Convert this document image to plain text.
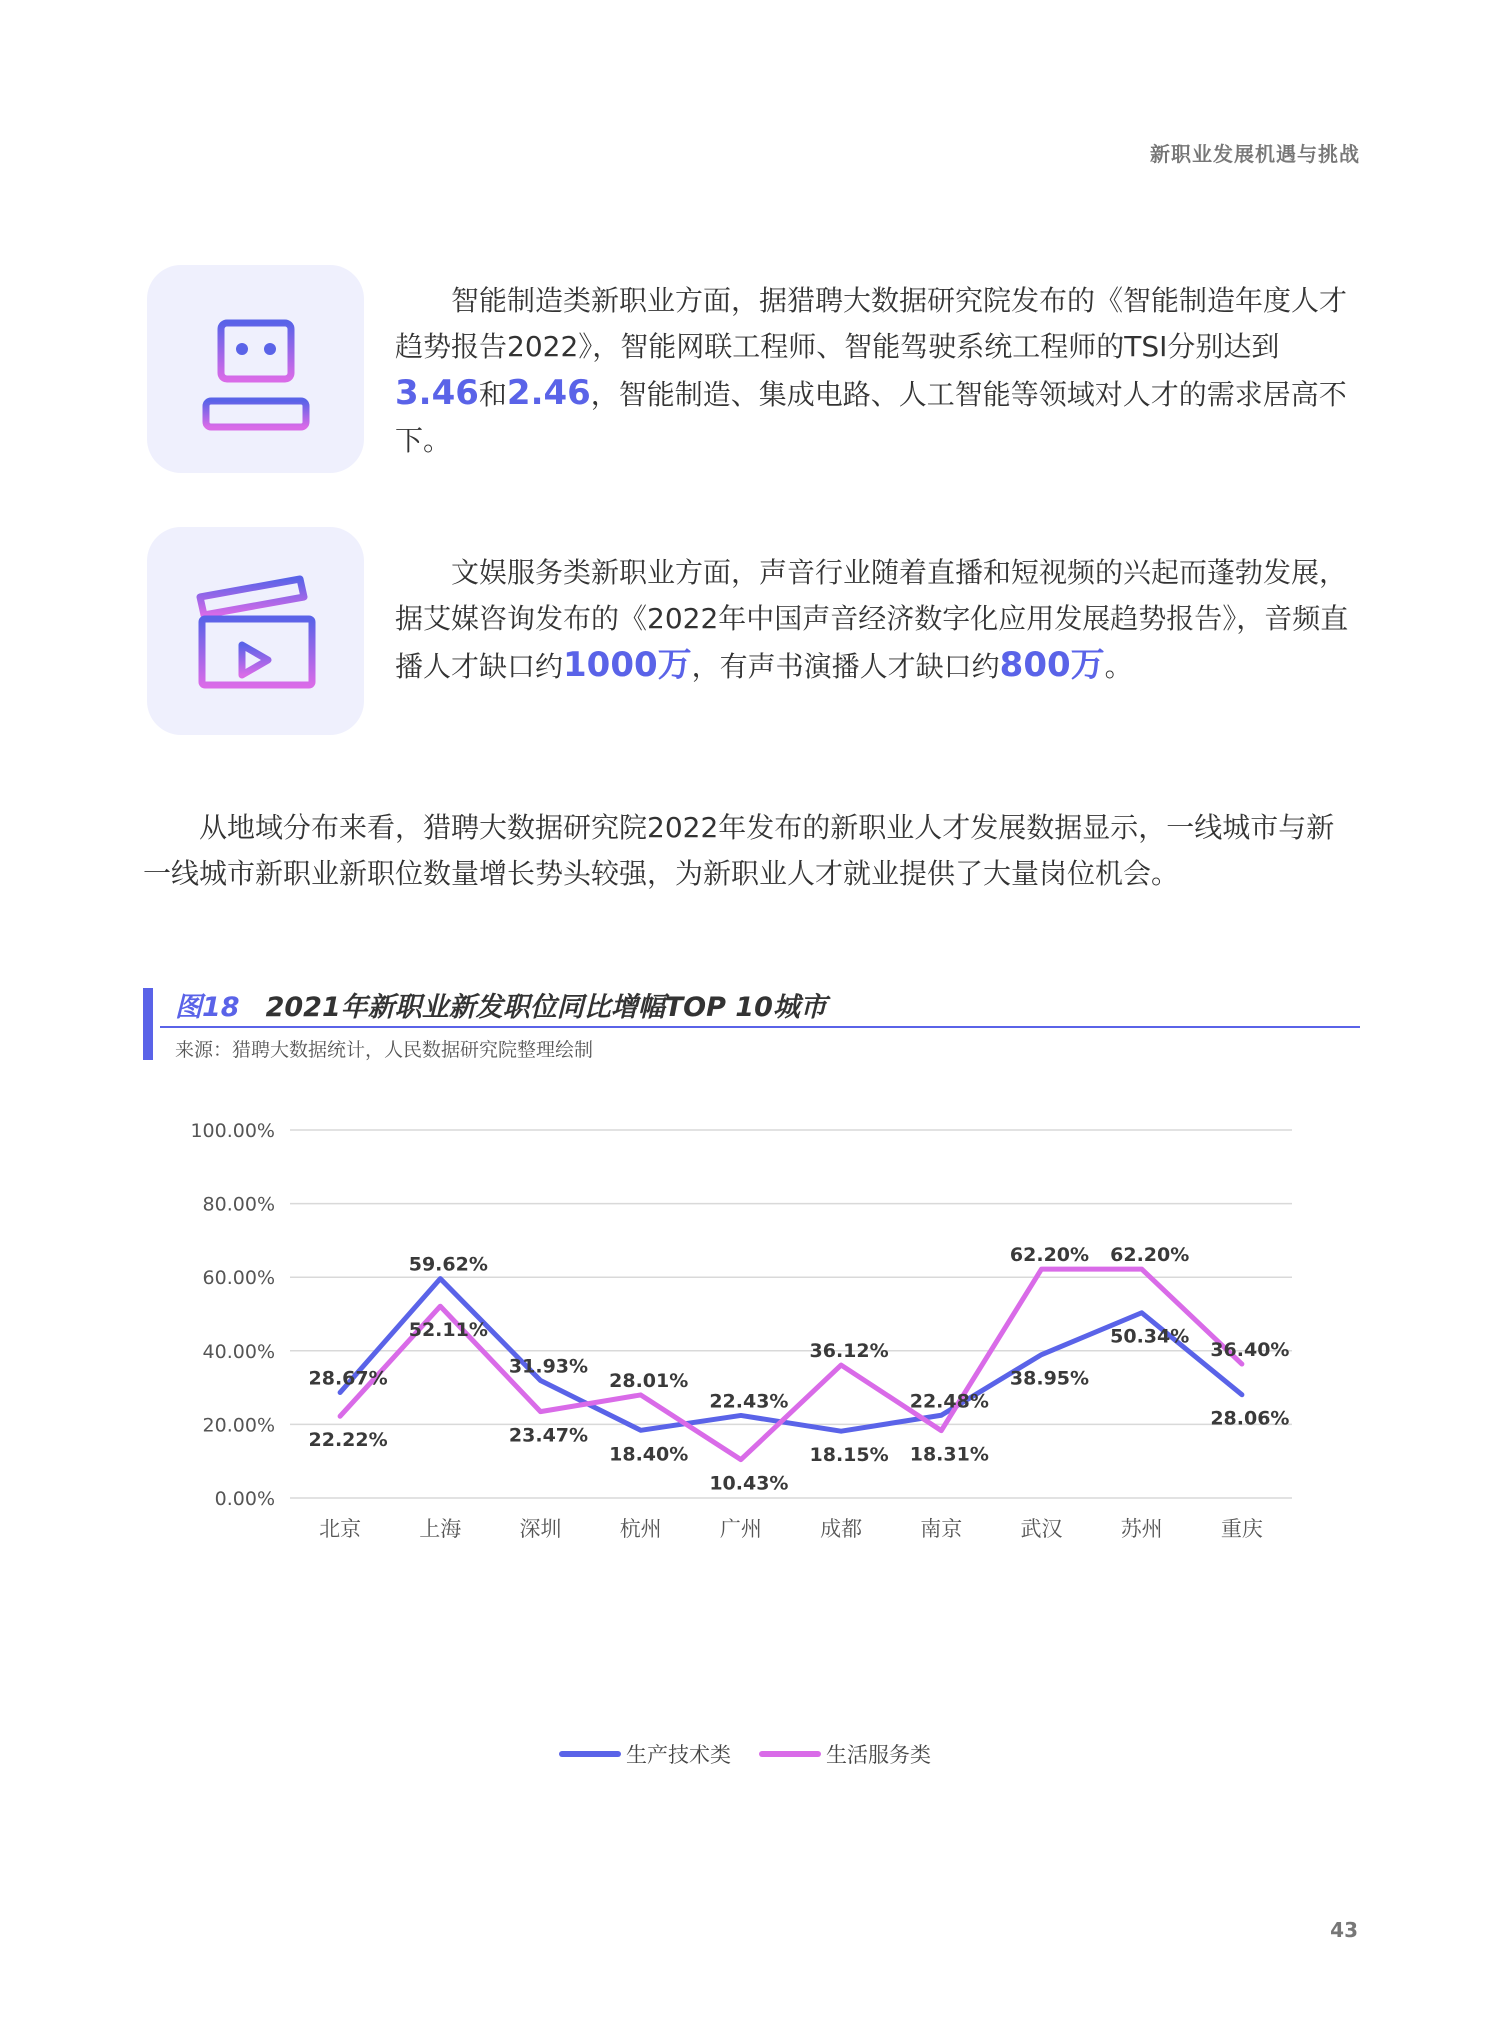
新职业发展机遇与挑战
智能制造类新职业方面，据猎聘大数据研究院发布的《智能制造年度人才趋势报告2022》，智能网联工程师、智能驾驶系统工程师的TSI分别达到3.46和2.46，智能制造、集成电路、人工智能等领域对人才的需求居高不下。
文娱服务类新职业方面，声音行业随着直播和短视频的兴起而蓬勃发展，据艾媒咨询发布的《2022年中国声音经济数字化应用发展趋势报告》，音频直播人才缺口约1000万，有声书演播人才缺口约800万。
从地域分布来看，猎聘大数据研究院2022年发布的新职业人才发展数据显示，一线城市与新一线城市新职业新职位数量增长势头较强，为新职业人才就业提供了大量岗位机会。
图18 2021年新职业新发职位同比增幅TOP 10城市
来源：猎聘大数据统计，人民数据研究院整理绘制
0.00%
20.00%
40.00%
60.00%
80.00%
100.00%
北京	上海	深圳	杭州	广州	成都	南京	武汉	苏州	重庆
28.67%
59.62%
31.93%
18.40%
22.43%
18.15%
22.48%
38.95%
50.34%
28.06%
22.22%
52.11%
23.47%
28.01%
10.43%
36.12%
18.31%
62.20% 62.20%
36.40%
生产技术类	生活服务类
43
